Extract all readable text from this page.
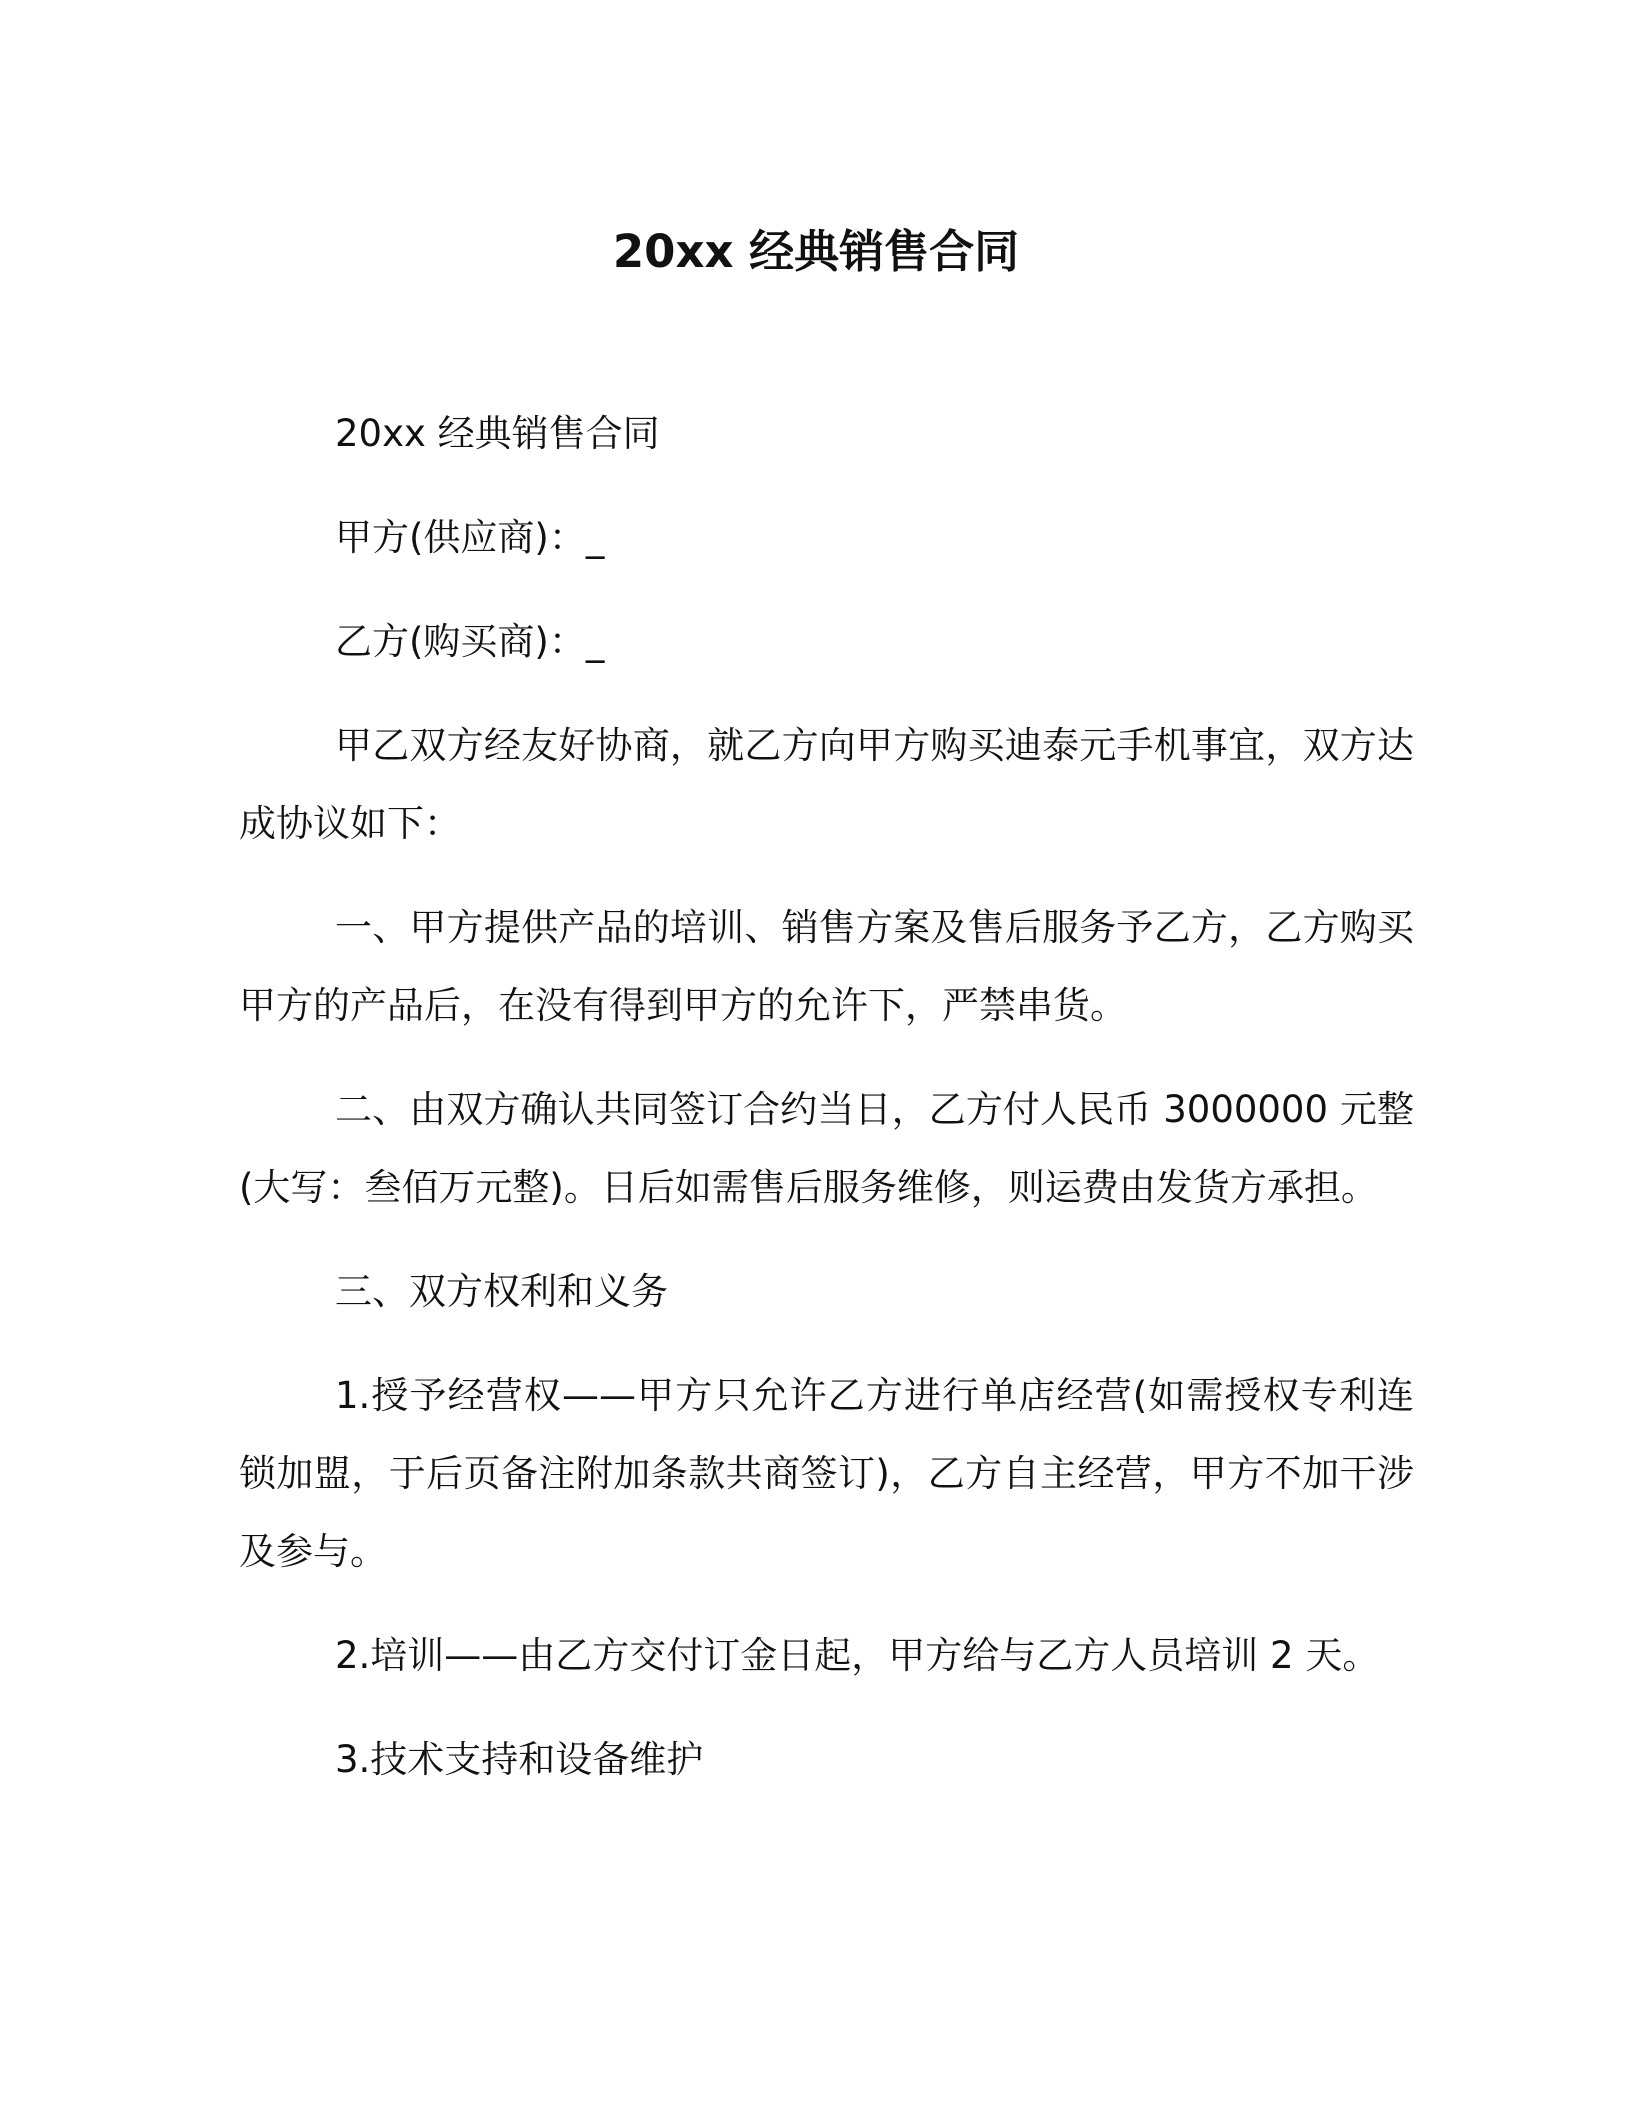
20xx 经典销售合同

20xx 经典销售合同

甲方(供应商)：_

乙方(购买商)：_

甲乙双方经友好协商，就乙方向甲方购买迪泰元手机事宜，双方达成协议如下：

一、甲方提供产品的培训、销售方案及售后服务予乙方，乙方购买甲方的产品后，在没有得到甲方的允许下，严禁串货。

二、由双方确认共同签订合约当日，乙方付人民币 3000000 元整(大写：叁佰万元整)。日后如需售后服务维修，则运费由发货方承担。

三、双方权利和义务

1.授予经营权——甲方只允许乙方进行单店经营(如需授权专利连锁加盟，于后页备注附加条款共商签订)，乙方自主经营，甲方不加干涉及参与。

2.培训——由乙方交付订金日起，甲方给与乙方人员培训 2 天。

3.技术支持和设备维护
